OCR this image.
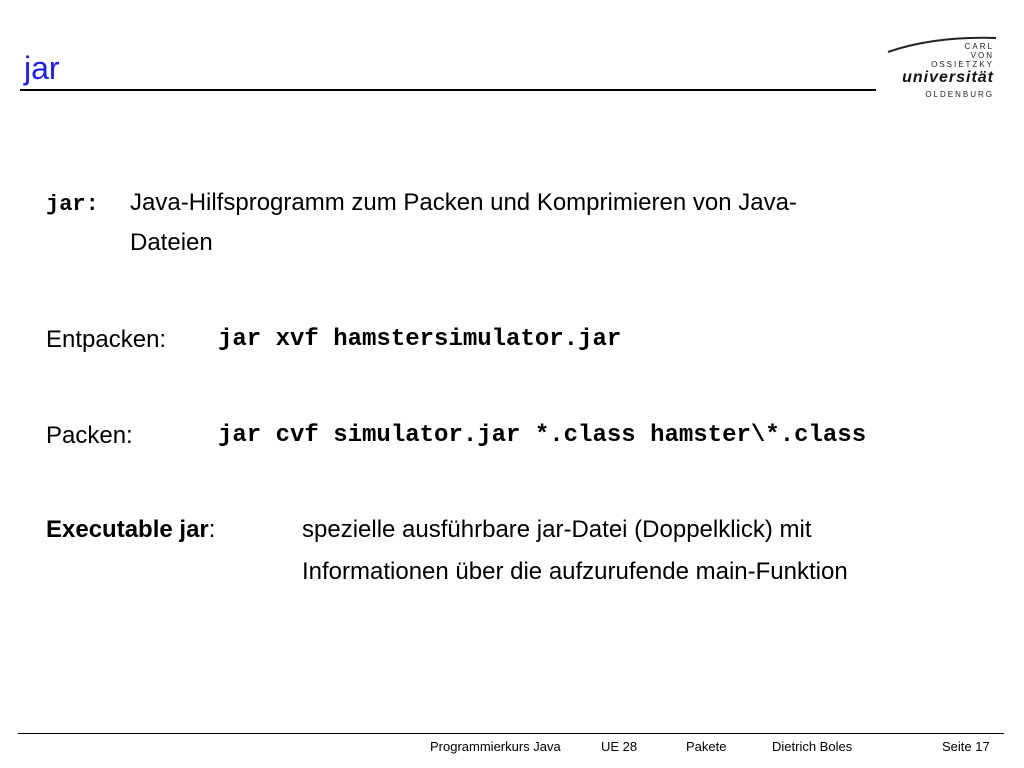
jar
CARL
VON
OSSIETZKY
universität
OLDENBURG
jar: Java-Hilfsprogramm zum Packen und Komprimieren von Java-
Dateien
Entpacken: jar xvf hamstersimulator.jar
Packen:	jar cvf simulator.jar *.class hamster\*.class
Executable jar:	spezielle ausführbare jar-Datei (Doppelklick) mit
Informationen über die aufzurufende main-Funktion
Programmierkurs Java	UE 28	Pakete	Dietrich Boles	Seite 17
